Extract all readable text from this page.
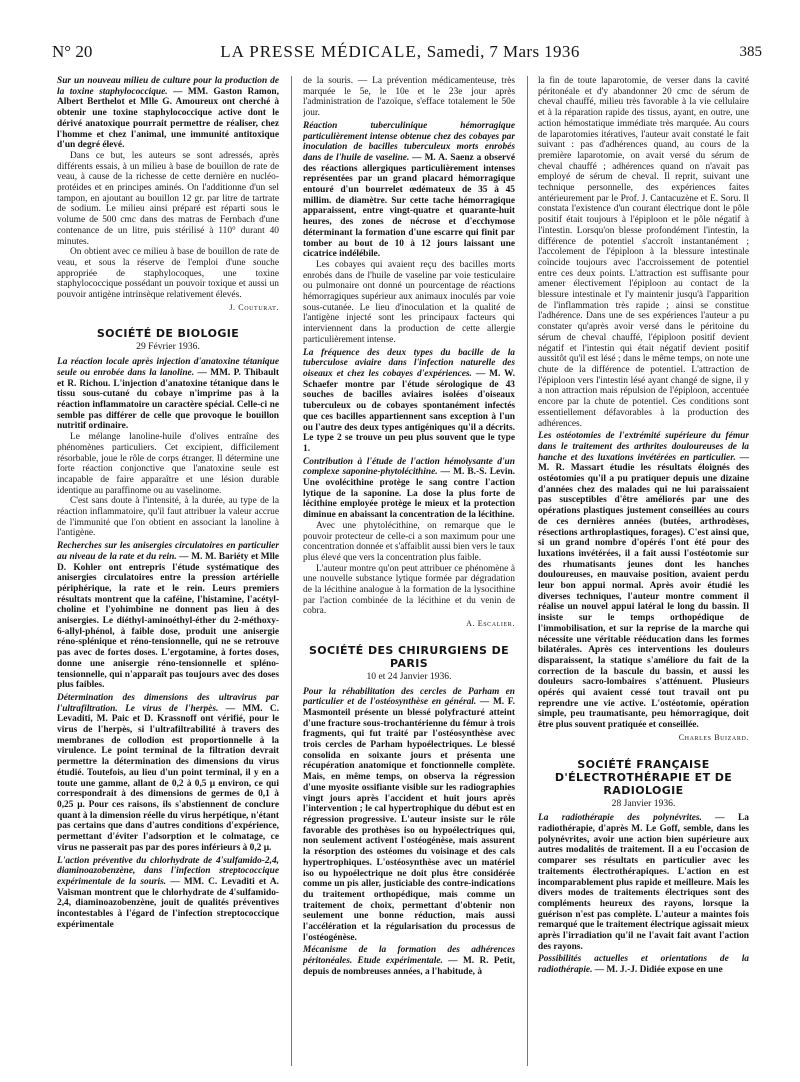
N° 20	LA PRESSE MÉDICALE, Samedi, 7 Mars 1936	385

Sur un nouveau milieu de culture pour la production de la toxine staphylococcique. — MM. Gaston Ramon, Albert Berthelot et Mlle G. Amoureux ont cherché à obtenir une toxine staphylococcique active dont le dérivé anatoxique pourrait permettre de réaliser, chez l'homme et chez l'animal, une immunité antitoxique d'un degré élevé.

Dans ce but, les auteurs se sont adressés, après différents essais, à un milieu à base de bouillon de rate de veau, à cause de la richesse de cette dernière en nucléo-protéides et en principes aminés. On l'additionne d'un sel tampon, en ajoutant au bouillon 12 gr. par litre de tartrate de sodium. Le milieu ainsi préparé est réparti sous le volume de 500 cmc dans des matras de Fernbach d'une contenance de un litre, puis stérilisé à 110° durant 40 minutes.

On obtient avec ce milieu à base de bouillon de rate de veau, et sous la réserve de l'emploi d'une souche appropriée de staphylocoques, une toxine staphylococcique possédant un pouvoir toxique et aussi un pouvoir antigène intrinsèque relativement élevés.

J. Couturat.

SOCIÉTÉ DE BIOLOGIE
29 Février 1936.

La réaction locale après injection d'anatoxine tétanique seule ou enrobée dans la lanoline. — MM. P. Thibault et R. Richou. L'injection d'anatoxine tétanique dans le tissu sous-cutané du cobaye n'imprime pas à la réaction inflammatoire un caractère spécial. Celle-ci ne semble pas différer de celle que provoque le bouillon nutritif ordinaire.

Le mélange lanoline-huile d'olives entraîne des phénomènes particuliers. Cet excipient, difficilement résorbable, joue le rôle de corps étranger. Il détermine une forte réaction conjonctive que l'anatoxine seule est incapable de faire apparaître et une lésion durable identique au paraffinome ou au vaselinome.

C'est sans doute à l'intensité, à la durée, au type de la réaction inflammatoire, qu'il faut attribuer la valeur accrue de l'immunité que l'on obtient en associant la lanoline à l'antigène.

Recherches sur les anisergies circulatoires en particulier au niveau de la rate et du rein. — M. M. Bariéty et Mlle D. Kohler ont entrepris l'étude systématique des anisergies circulatoires entre la pression artérielle périphérique, la rate et le rein. Leurs premiers résultats montrent que la caféine, l'histamine, l'acétyl-choline et l'yohimbine ne donnent pas lieu à des anisergies. Le diéthyl-aminoéthyl-éther du 2-méthoxy-6-allyl-phénol, à faible dose, produit une anisergie réno-splénique et réno-tensionnelle, qui ne se retrouve pas avec de fortes doses. L'ergotamine, à fortes doses, donne une anisergie réno-tensionnelle et spléno-tensionnelle, qui n'apparaît pas toujours avec des doses plus faibles.

Détermination des dimensions des ultravirus par l'ultrafiltration. Le virus de l'herpès. — MM. C. Levaditi, M. Paic et D. Krassnoff ont vérifié, pour le virus de l'herpès, si l'ultrafiltrabilité à travers des membranes de collodion est proportionnelle à la virulence. Le point terminal de la filtration devrait permettre la détermination des dimensions du virus étudié. Toutefois, au lieu d'un point terminal, il y en a toute une gamme, allant de 0,2 à 0,5 μ environ, ce qui correspondrait à des dimensions de germes de 0,1 à 0,25 μ. Pour ces raisons, ils s'abstiennent de conclure quant à la dimension réelle du virus herpétique, n'étant pas certains que dans d'autres conditions d'expérience, permettant d'éviter l'adsorption et le colmatage, ce virus ne passerait pas par des pores inférieurs à 0,2 μ.

L'action préventive du chlorhydrate de 4'sulfamido-2,4, diaminoazobenzène, dans l'infection streptococcique expérimentale de la souris. — MM. C. Levaditi et A. Vaisman montrent que le chlorhydrate de 4'sulfamido-2,4, diaminoazobenzène, jouit de qualités préventives incontestables à l'égard de l'infection streptococcique expérimentale

de la souris. — La prévention médicamenteuse, très marquée le 5e, le 10e et le 23e jour après l'administration de l'azoïque, s'efface totalement le 50e jour.

Réaction tuberculinique hémorragique particulièrement intense obtenue chez des cobayes par inoculation de bacilles tuberculeux morts enrobés dans de l'huile de vaseline. — M. A. Saenz a observé des réactions allergiques particulièrement intenses représentées par un grand placard hémorragique entouré d'un bourrelet œdémateux de 35 à 45 millim. de diamètre. Sur cette tache hémorragique apparaissent, entre vingt-quatre et quarante-huit heures, des zones de nécrose et d'ecchymose déterminant la formation d'une escarre qui finit par tomber au bout de 10 à 12 jours laissant une cicatrice indélébile.

Les cobayes qui avaient reçu des bacilles morts enrobés dans de l'huile de vaseline par voie testiculaire ou pulmonaire ont donné un pourcentage de réactions hémorragiques supérieur aux animaux inoculés par voie sous-cutanée. Le lieu d'inoculation et la qualité de l'antigène injecté sont les principaux facteurs qui interviennent dans la production de cette allergie particulièrement intense.

La fréquence des deux types du bacille de la tuberculose aviaire dans l'infection naturelle des oiseaux et chez les cobayes d'expériences. — M. W. Schaefer montre par l'étude sérologique de 43 souches de bacilles aviaires isolées d'oiseaux tuberculeux ou de cobayes spontanément infectés que ces bacilles appartiennent sans exception à l'un ou l'autre des deux types antigéniques qu'il a décrits. Le type 2 se trouve un peu plus souvent que le type 1.

Contribution à l'étude de l'action hémolysante d'un complexe saponine-phytolécithine. — M. B.-S. Levin. Une ovolécithine protège le sang contre l'action lytique de la saponine. La dose la plus forte de lécithine employée protège le mieux et la protection diminue en abaissant la concentration de la lécithine.

Avec une phytolécithine, on remarque que le pouvoir protecteur de celle-ci a son maximum pour une concentration donnée et s'affaiblit aussi bien vers le taux plus élevé que vers la concentration plus faible.

L'auteur montre qu'on peut attribuer ce phénomène à une nouvelle substance lytique formée par dégradation de la lécithine analogue à la formation de la lysocithine par l'action combinée de la lécithine et du venin de cobra.

A. Escalier.

SOCIÉTÉ DES CHIRURGIENS DE PARIS
10 et 24 Janvier 1936.

Pour la réhabilitation des cercles de Parham en particulier et de l'ostéosynthèse en général. — M. F. Masmonteil présente un blessé polyfracturé atteint d'une fracture sous-trochantérienne du fémur à trois fragments, qui fut traité par l'ostéosynthèse avec trois cercles de Parham hypoélectriques. Le blessé consolida en soixante jours et présenta une récupération anatomique et fonctionnelle complète. Mais, en même temps, on observa la régression d'une myosite ossifiante visible sur les radiographies vingt jours après l'accident et huit jours après l'intervention ; le cal hypertrophique du début est en régression progressive. L'auteur insiste sur le rôle favorable des prothèses iso ou hypoélectriques qui, non seulement activent l'ostéogénèse, mais assurent la résorption des ostéomes du voisinage et des cals hypertrophiques. L'ostéosynthèse avec un matériel iso ou hypoélectrique ne doit plus être considérée comme un pis aller, justiciable des contre-indications du traitement orthopédique, mais comme un traitement de choix, permettant d'obtenir non seulement une bonne réduction, mais aussi l'accélération et la régularisation du processus de l'ostéogénèse.

Mécanisme de la formation des adhérences péritonéales. Etude expérimentale. — M. R. Petit, depuis de nombreuses années, a l'habitude, à

la fin de toute laparotomie, de verser dans la cavité péritonéale et d'y abandonner 20 cmc de sérum de cheval chauffé, milieu très favorable à la vie cellulaire et à la réparation rapide des tissus, ayant, en outre, une action hémostatique immédiate très marquée. Au cours de laparotomies itératives, l'auteur avait constaté le fait suivant : pas d'adhérences quand, au cours de la première laparotomie, on avait versé du sérum de cheval chauffé ; adhérences quand on n'avait pas employé de sérum de cheval. Il reprit, suivant une technique personnelle, des expériences faites antérieurement par le Prof. J. Cantacuzène et E. Soru. Il constata l'existence d'un courant électrique dont le pôle positif était toujours à l'épiploon et le pôle négatif à l'intestin. Lorsqu'on blesse profondément l'intestin, la différence de potentiel s'accroît instantanément ; l'accolement de l'épiploon à la blessure intestinale coïncide toujours avec l'accroissement de potentiel entre ces deux points. L'attraction est suffisante pour amener électivement l'épiploon au contact de la blessure intestinale et l'y maintenir jusqu'à l'apparition de l'inflammation très rapide ; ainsi se constitue l'adhérence. Dans une de ses expériences l'auteur a pu constater qu'après avoir versé dans le péritoine du sérum de cheval chauffé, l'épiploon positif devient négatif et l'intestin qui était négatif devient positif aussitôt qu'il est lésé ; dans le même temps, on note une chute de la différence de potentiel. L'attraction de l'épiploon vers l'intestin lésé ayant changé de signe, il y a non attraction mais répulsion de l'épiploon, accentuée encore par la chute de potentiel. Ces conditions sont essentiellement défavorables à la production des adhérences.

Les ostéotomies de l'extrémité supérieure du fémur dans le traitement des arthrites douloureuses de la hanche et des luxations invétérées en particulier. — M. R. Massart étudie les résultats éloignés des ostéotomies qu'il a pu pratiquer depuis une dizaine d'années chez des malades qui ne lui paraissaient pas susceptibles d'être améliorés par une des opérations plastiques justement conseillées au cours de ces dernières années (butées, arthrodèses, résections arthroplastiques, forages). C'est ainsi que, si un grand nombre d'opérés l'ont été pour des luxations invétérées, il a fait aussi l'ostéotomie sur des rhumatisants jeunes dont les hanches douloureuses, en mauvaise position, avaient perdu leur bon appui normal. Après avoir étudié les diverses techniques, l'auteur montre comment il réalise un nouvel appui latéral le long du bassin. Il insiste sur le temps orthopédique de l'immobilisation, et sur la reprise de la marche qui nécessite une véritable rééducation dans les formes bilatérales. Après ces interventions les douleurs disparaissent, la statique s'améliore du fait de la correction de la bascule du bassin, et aussi les douleurs sacro-lombaires s'atténuent. Plusieurs opérés qui avaient cessé tout travail ont pu reprendre une vie active. L'ostéotomie, opération simple, peu traumatisante, peu hémorragique, doit être plus souvent pratiquée et conseillée.

Charles Buizard.

SOCIÉTÉ FRANÇAISE D'ÉLECTROTHÉRAPIE ET DE RADIOLOGIE
28 Janvier 1936.

La radiothérapie des polynévrites. — La radiothérapie, d'après M. Le Goff, semble, dans les polynévrites, avoir une action bien supérieure aux autres modalités de traitement. Il a eu l'occasion de comparer ses résultats en particulier avec les traitements électrothérapiques. L'action en est incomparablement plus rapide et meilleure. Mais les divers modes de traitements électriques sont des compléments heureux des rayons, lorsque la guérison n'est pas complète. L'auteur a maintes fois remarqué que le traitement électrique agissait mieux après l'irradiation qu'il ne l'avait fait avant l'action des rayons.

Possibilités actuelles et orientations de la radiothérapie. — M. J.-J. Didiée expose en une
